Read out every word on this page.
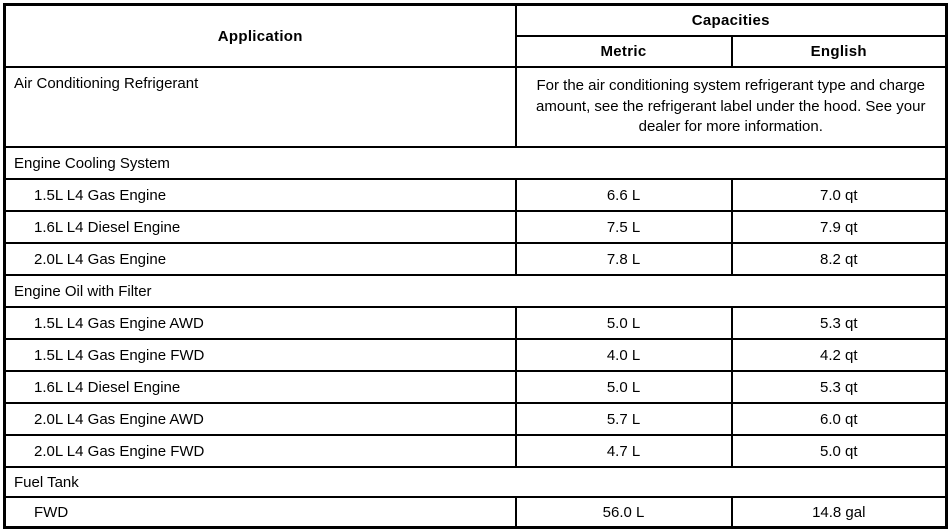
Application	Capacities	
	Metric	English
Air Conditioning Refrigerant	For the air conditioning system refrigerant type and charge amount, see the refrigerant label under the hood. See your dealer for more information.	
Engine Cooling System		
1.5L L4 Gas Engine	6.6 L	7.0 qt
1.6L L4 Diesel Engine	7.5 L	7.9 qt
2.0L L4 Gas Engine	7.8 L	8.2 qt
Engine Oil with Filter		
1.5L L4 Gas Engine AWD	5.0 L	5.3 qt
1.5L L4 Gas Engine FWD	4.0 L	4.2 qt
1.6L L4 Diesel Engine	5.0 L	5.3 qt
2.0L L4 Gas Engine AWD	5.7 L	6.0 qt
2.0L L4 Gas Engine FWD	4.7 L	5.0 qt
Fuel Tank		
FWD	56.0 L	14.8 gal
